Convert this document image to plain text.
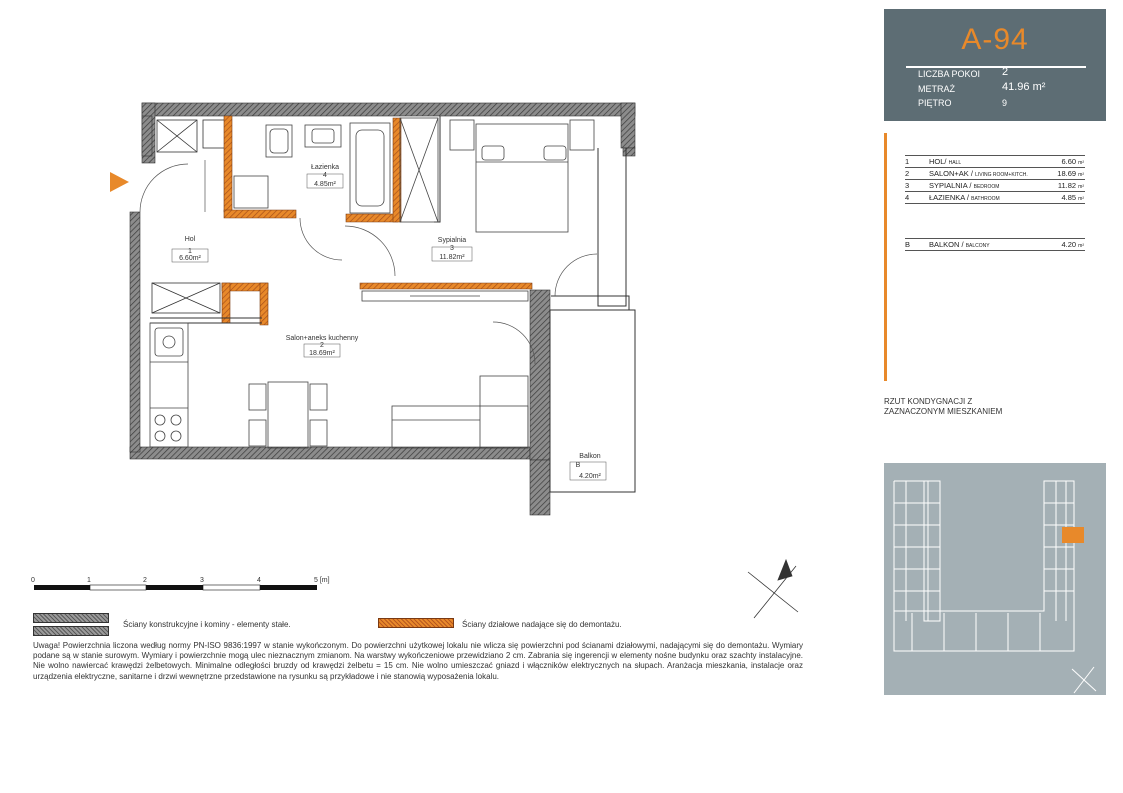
Hol
1
6.60m²
Łazienka
4
4.85m²
Sypialnia
3
11.82m²
Salon+aneks kuchenny
2
18.69m²
Balkon
B
4.20m²
0	1	2	3	4	5 [m]
A-94
LICZBA POKOI 2
METRAŻ	41.96 m²
PIĘTRO	9
1	HOL/ HALL	6.60 m²
2	SALON+AK / LIVING ROOM+KITCH.	18.69 m²
3	SYPIALNIA / BEDROOM	11.82 m²
4	ŁAZIENKA / BATHROOM	4.85 m²
B	BALKON / BALCONY	4.20 m²
RZUT KONDYGNACJI Z
ZAZNACZONYM MIESZKANIEM
Ściany konstrukcyjne i kominy - elementy stałe.	Ściany działowe nadające się do demontażu.
Uwaga! Powierzchnia liczona według normy PN-ISO 9836:1997 w stanie wykończonym. Do powierzchni użytkowej lokalu nie wlicza się powierzchni pod ścianami działowymi, nadającymi się do demontażu. Wymiary podane są w stanie surowym. Wymiary i powierzchnie mogą ulec nieznacznym zmianom. Na warstwy wykończeniowe przewidziano 2 cm. Zabrania się ingerencji w elementy nośne budynku oraz szachty instalacyjne. Nie wolno nawiercać krawędzi żelbetowych. Minimalne odległości bruzdy od krawędzi żelbetu = 15 cm. Nie wolno umieszczać gniazd i włączników elektrycznych na słupach. Aranżacja mieszkania, instalacje oraz urządzenia elektryczne, sanitarne i drzwi wewnętrzne przedstawione na rysunku są przykładowe i nie stanowią wyposażenia lokalu.
